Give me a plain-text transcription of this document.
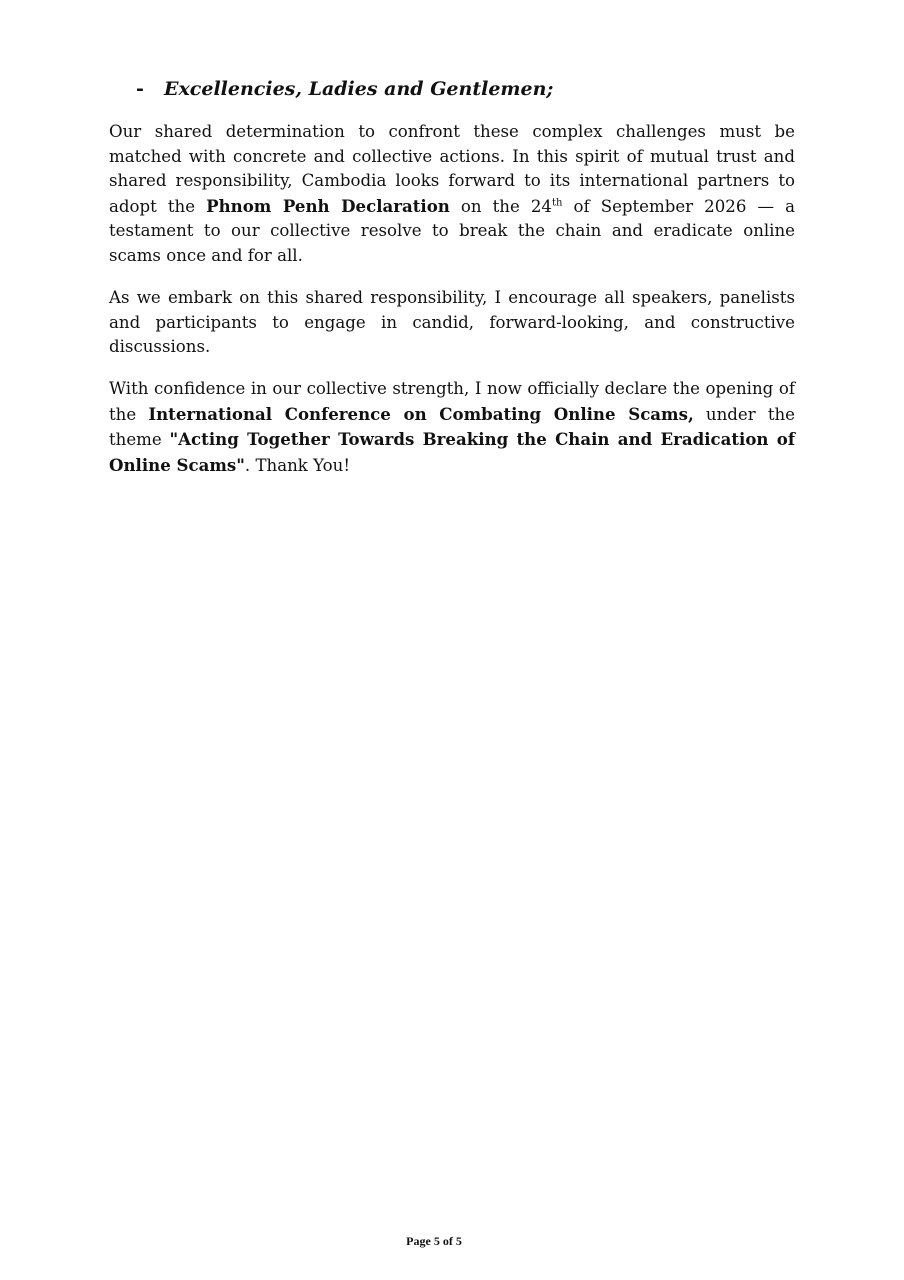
- Excellencies, Ladies and Gentlemen;

Our shared determination to confront these complex challenges must be matched with concrete and collective actions. In this spirit of mutual trust and shared responsibility, Cambodia looks forward to its international partners to adopt the Phnom Penh Declaration on the 24th of September 2026 — a testament to our collective resolve to break the chain and eradicate online scams once and for all.

As we embark on this shared responsibility, I encourage all speakers, panelists and participants to engage in candid, forward-looking, and constructive discussions.

With confidence in our collective strength, I now officially declare the opening of the International Conference on Combating Online Scams, under the theme "Acting Together Towards Breaking the Chain and Eradication of Online Scams". Thank You!

Page 5 of 5
